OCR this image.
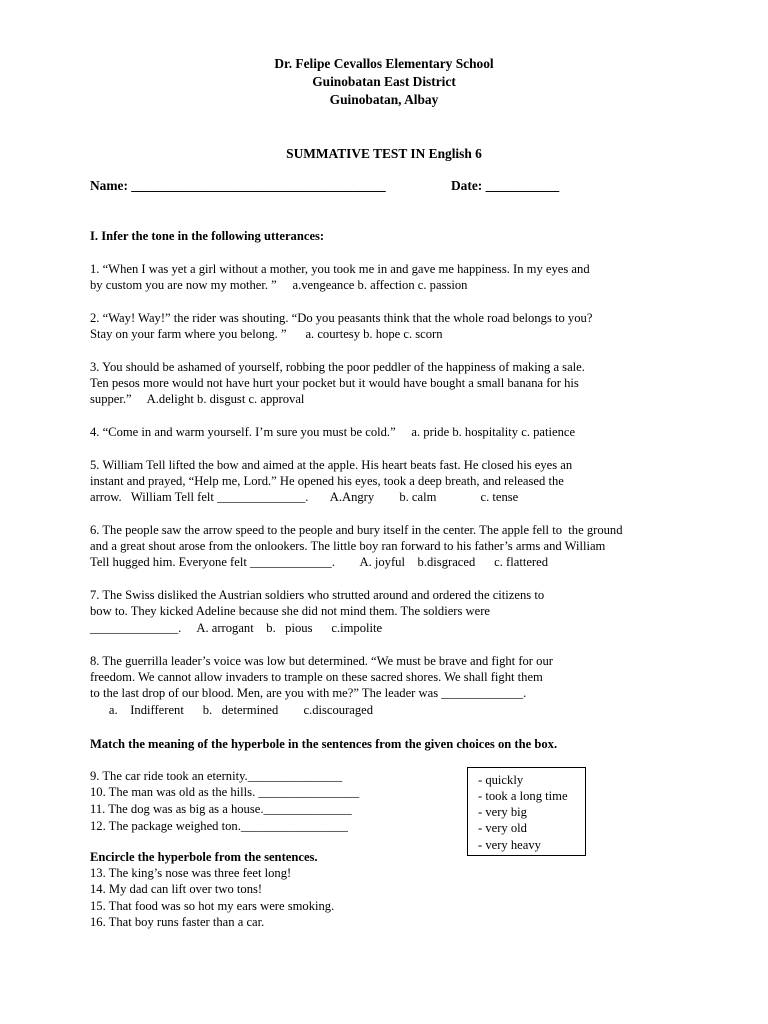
Dr. Felipe Cevallos Elementary School
Guinobatan East District
Guinobatan, Albay
SUMMATIVE TEST IN English 6
Name: ______________________________________	Date: ___________
I. Infer the tone in the following utterances:
1. “When I was yet a girl without a mother, you took me in and gave me happiness. In my eyes and
by custom you are now my mother. ”     a.vengeance b. affection c. passion
2. “Way! Way!” the rider was shouting. “Do you peasants think that the whole road belongs to you?
Stay on your farm where you belong. ”      a. courtesy b. hope c. scorn
3. You should be ashamed of yourself, robbing the poor peddler of the happiness of making a sale.
Ten pesos more would not have hurt your pocket but it would have bought a small banana for his
supper.”     A.delight b. disgust c. approval
4. “Come in and warm yourself. I’m sure you must be cold.”     a. pride b. hospitality c. patience
5. William Tell lifted the bow and aimed at the apple. His heart beats fast. He closed his eyes an
instant and prayed, “Help me, Lord.” He opened his eyes, took a deep breath, and released the
arrow.   William Tell felt ______________.       A.Angry        b. calm              c. tense
6. The people saw the arrow speed to the people and bury itself in the center. The apple fell to  the ground
and a great shout arose from the onlookers. The little boy ran forward to his father’s arms and William
Tell hugged him. Everyone felt _____________.        A. joyful    b.disgraced      c. flattered
7. The Swiss disliked the Austrian soldiers who strutted around and ordered the citizens to
bow to. They kicked Adeline because she did not mind them. The soldiers were
______________.     A. arrogant    b.   pious      c.impolite
8. The guerrilla leader’s voice was low but determined. “We must be brave and fight for our
freedom. We cannot allow invaders to trample on these sacred shores. We shall fight them
to the last drop of our blood. Men, are you with me?” The leader was _____________.
a.    Indifferent      b.   determined        c.discouraged
Match the meaning of the hyperbole in the sentences from the given choices on the box.
9. The car ride took an eternity._______________
10. The man was old as the hills. ________________
11. The dog was as big as a house.______________
12. The package weighed ton._________________
- quickly
- took a long time
- very big
- very old
- very heavy
Encircle the hyperbole from the sentences.
13. The king’s nose was three feet long!
14. My dad can lift over two tons!
15. That food was so hot my ears were smoking.
16. That boy runs faster than a car.
